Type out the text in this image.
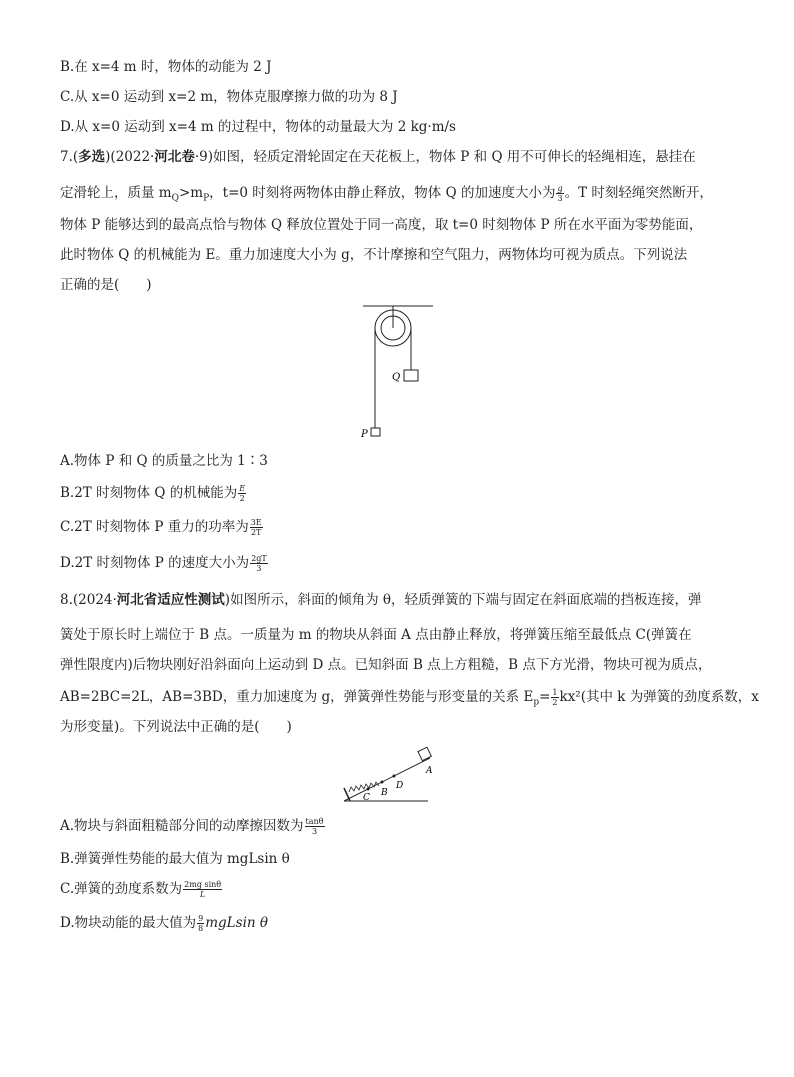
B.在 x=4 m 时，物体的动能为 2 J
C.从 x=0 运动到 x=2 m，物体克服摩擦力做的功为 8 J
D.从 x=0 运动到 x=4 m 的过程中，物体的动量最大为 2 kg·m/s
7.(多选)(2022·河北卷·9)如图，轻质定滑轮固定在天花板上，物体 P 和 Q 用不可伸长的轻绳相连，悬挂在
定滑轮上，质量 $m_Q>m_P$，t=0 时刻将两物体由静止释放，物体 Q 的加速度大小为 $\frac{g}{3}$ 。T 时刻轻绳突然断开，
物体 P 能够达到的最高点恰与物体 Q 释放位置处于同一高度，取 t=0 时刻物体 P 所在水平面为零势能面，
此时物体 Q 的机械能为 E。重力加速度大小为 g，不计摩擦和空气阻力，两物体均可视为质点。下列说法
正确的是(　　)
Q
P
A.物体 P 和 Q 的质量之比为 1∶3
B.2T 时刻物体 Q 的机械能为 $\frac{E}{2}$
C.2T 时刻物体 P 重力的功率为 $\frac{3E}{2T}$
D.2T 时刻物体 P 的速度大小为 $\frac{2gT}{3}$
8.(2024·河北省适应性测试)如图所示，斜面的倾角为 θ，轻质弹簧的下端与固定在斜面底端的挡板连接，弹
簧处于原长时上端位于 B 点。一质量为 m 的物块从斜面 A 点由静止释放，将弹簧压缩至最低点 C(弹簧在
弹性限度内)后物块刚好沿斜面向上运动到 D 点。已知斜面 B 点上方粗糙，B 点下方光滑，物块可视为质点，
AB=2BC=2L，AB=3BD，重力加速度为 g，弹簧弹性势能与形变量的关系 $E_p= \frac{1}{2} kx^2$(其中 k 为弹簧的劲度系数，x
为形变量)。下列说法中正确的是(　　)
C B
D
A
A.物块与斜面粗糙部分间的动摩擦因数为 $\frac{\tan\theta}{3}$
B.弹簧弹性势能的最大值为 mgLsin θ
C.弹簧的劲度系数为 $\frac{\text{2mg sinθ}}{L}$
D.物块动能的最大值为 $\frac{9}{8}$ mgLsin θ
